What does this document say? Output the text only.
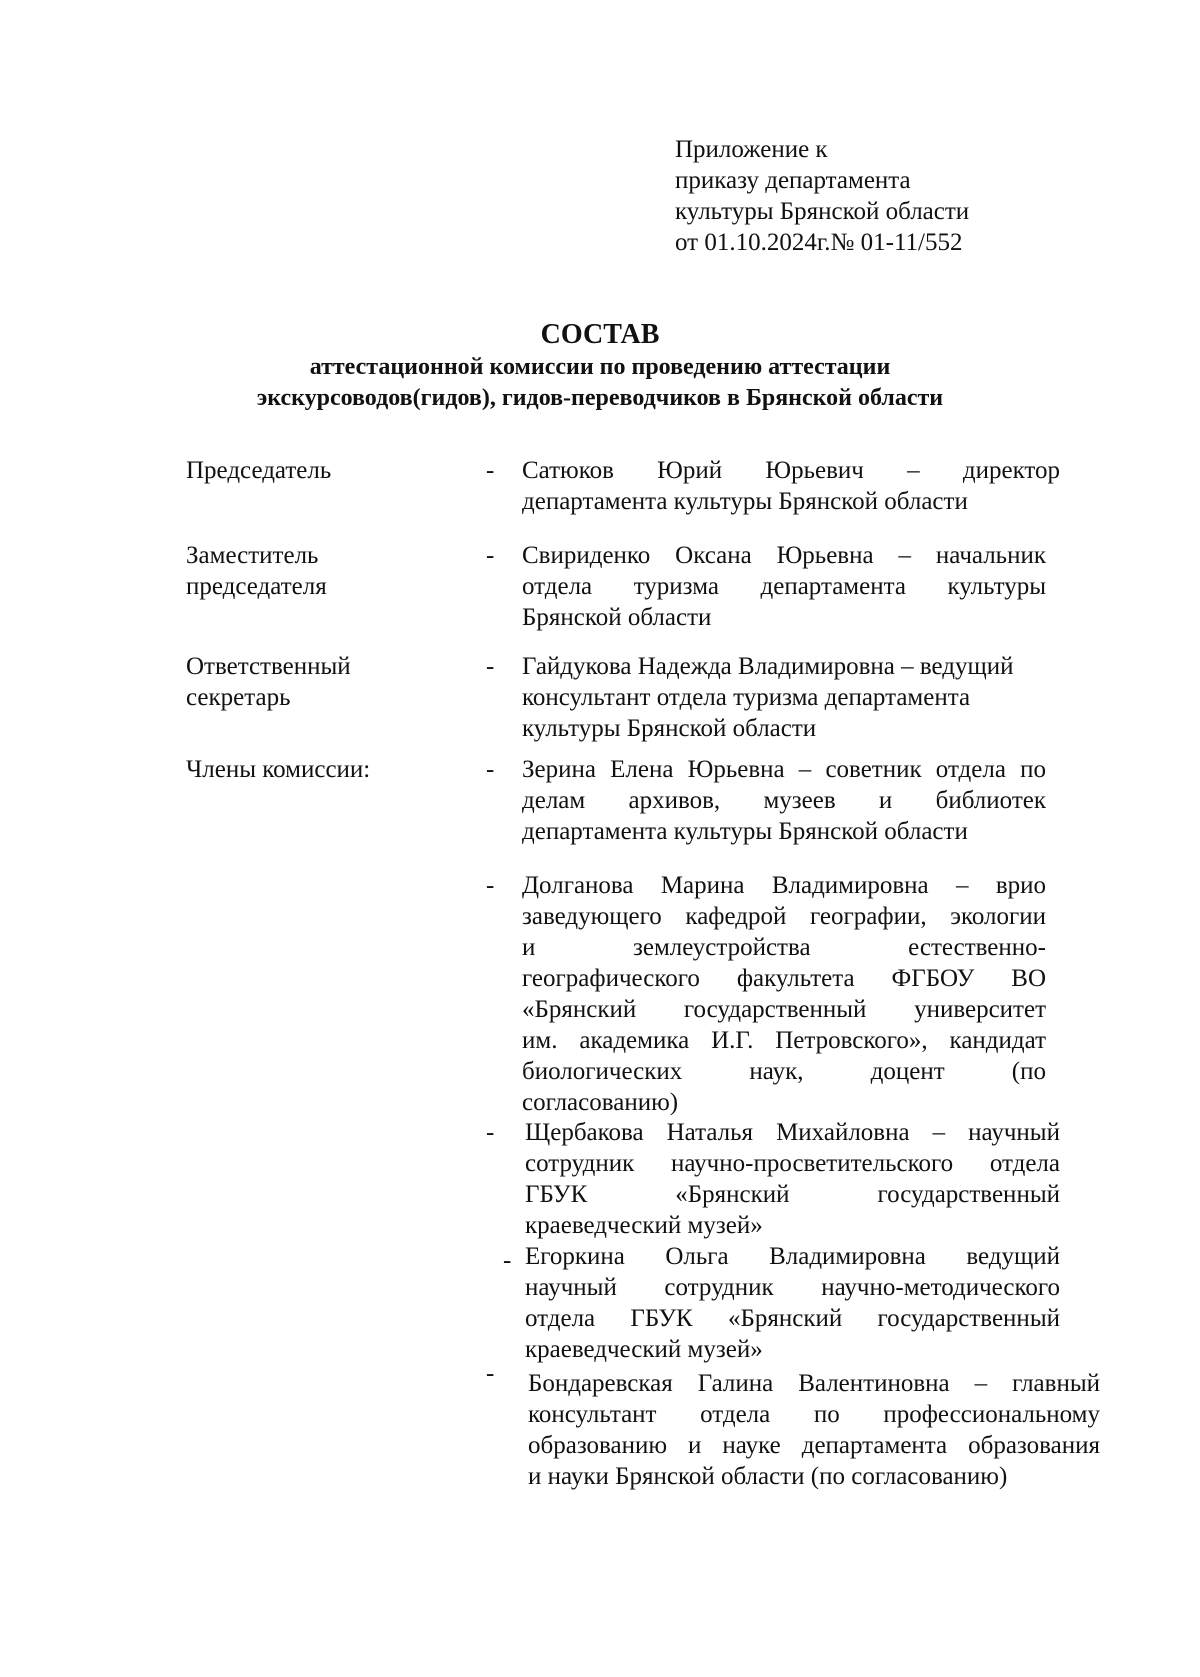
Приложение к
приказу департамента
культуры Брянской области
от 01.10.2024г.№ 01-11/552
СОСТАВ
аттестационной комиссии по проведению аттестации
экскурсоводов(гидов), гидов-переводчиков в Брянской области
Председатель	- Сатюков Юрий Юрьевич – директор
департамента культуры Брянской области
Заместитель
председателя
- Свириденко Оксана Юрьевна – начальник
отдела туризма департамента культуры
Брянской области
Ответственный
секретарь
- Гайдукова Надежда Владимировна – ведущий
консультант отдела туризма департамента
культуры Брянской области
Члены комиссии:	- Зерина Елена Юрьевна – советник отдела по
делам архивов, музеев и библиотек
департамента культуры Брянской области
- Долганова Марина Владимировна – врио
заведующего кафедрой географии, экологии
и землеустройства естественно-
географического факультета ФГБОУ ВО
«Брянский государственный университет
им. академика И.Г. Петровского», кандидат
биологических наук, доцент (по
согласованию)
- Щербакова Наталья Михайловна – научный
сотрудник научно-просветительского отдела
ГБУК «Брянский государственный
краеведческий музей»
- Егоркина Ольга Владимировна ведущий
научный сотрудник научно-методического
отдела ГБУК «Брянский государственный
краеведческий музей»
- Бондаревская Галина Валентиновна – главный
консультант отдела по профессиональному
образованию и науке департамента образования
и науки Брянской области (по согласованию)
